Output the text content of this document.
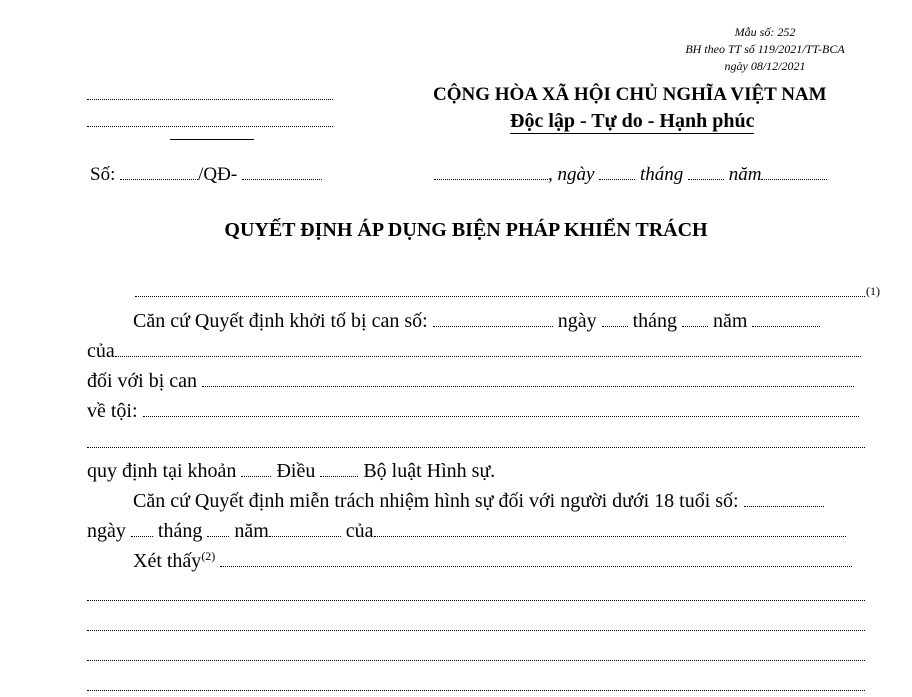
Mẫu số: 252
BH theo TT số 119/2021/TT-BCA
ngày 08/12/2021
CỘNG HÒA XÃ HỘI CHỦ NGHĨA VIỆT NAM
Độc lập - Tự do - Hạnh phúc
Số:	/QĐ-	, ngày tháng năm
QUYẾT ĐỊNH ÁP DỤNG BIỆN PHÁP KHIỂN TRÁCH
(1)
Căn cứ Quyết định khởi tố bị can số:	ngày tháng năm
của
đối với bị can
về tội:
quy định tại khoản Điều Bộ luật Hình sự.
Căn cứ Quyết định miễn trách nhiệm hình sự đối với người dưới 18 tuổi số:
ngày tháng năm	của
Xét thấy$^{(2)}$
